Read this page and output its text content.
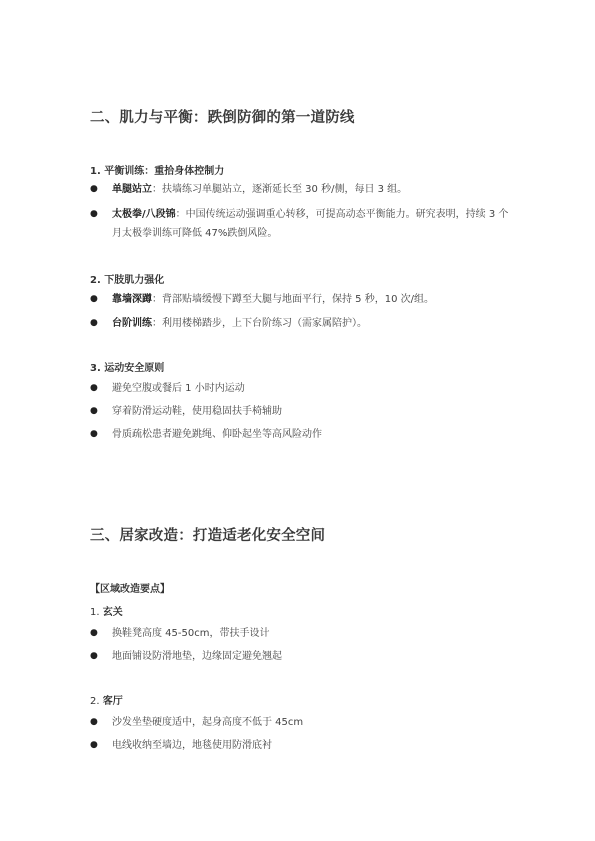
二、肌力与平衡：跌倒防御的第一道防线
1. 平衡训练：重拾身体控制力
●	单腿站立：扶墙练习单腿站立，逐渐延长至 30 秒/侧，每日 3 组。
●	太极拳/八段锦：中国传统运动强调重心转移，可提高动态平衡能力。研究表明，持续 3 个月太极拳训练可降低 47%跌倒风险。
2. 下肢肌力强化
●	靠墙深蹲：背部贴墙缓慢下蹲至大腿与地面平行，保持 5 秒，10 次/组。
●	台阶训练：利用楼梯踏步，上下台阶练习（需家属陪护）。
3. 运动安全原则
●	避免空腹或餐后 1 小时内运动
●	穿着防滑运动鞋，使用稳固扶手椅辅助
●	骨质疏松患者避免跳绳、仰卧起坐等高风险动作
三、居家改造：打造适老化安全空间
【区域改造要点】
1. 玄关
●	换鞋凳高度 45-50cm，带扶手设计
●	地面铺设防滑地垫，边缘固定避免翘起
2. 客厅
●	沙发坐垫硬度适中，起身高度不低于 45cm
●	电线收纳至墙边，地毯使用防滑底衬
